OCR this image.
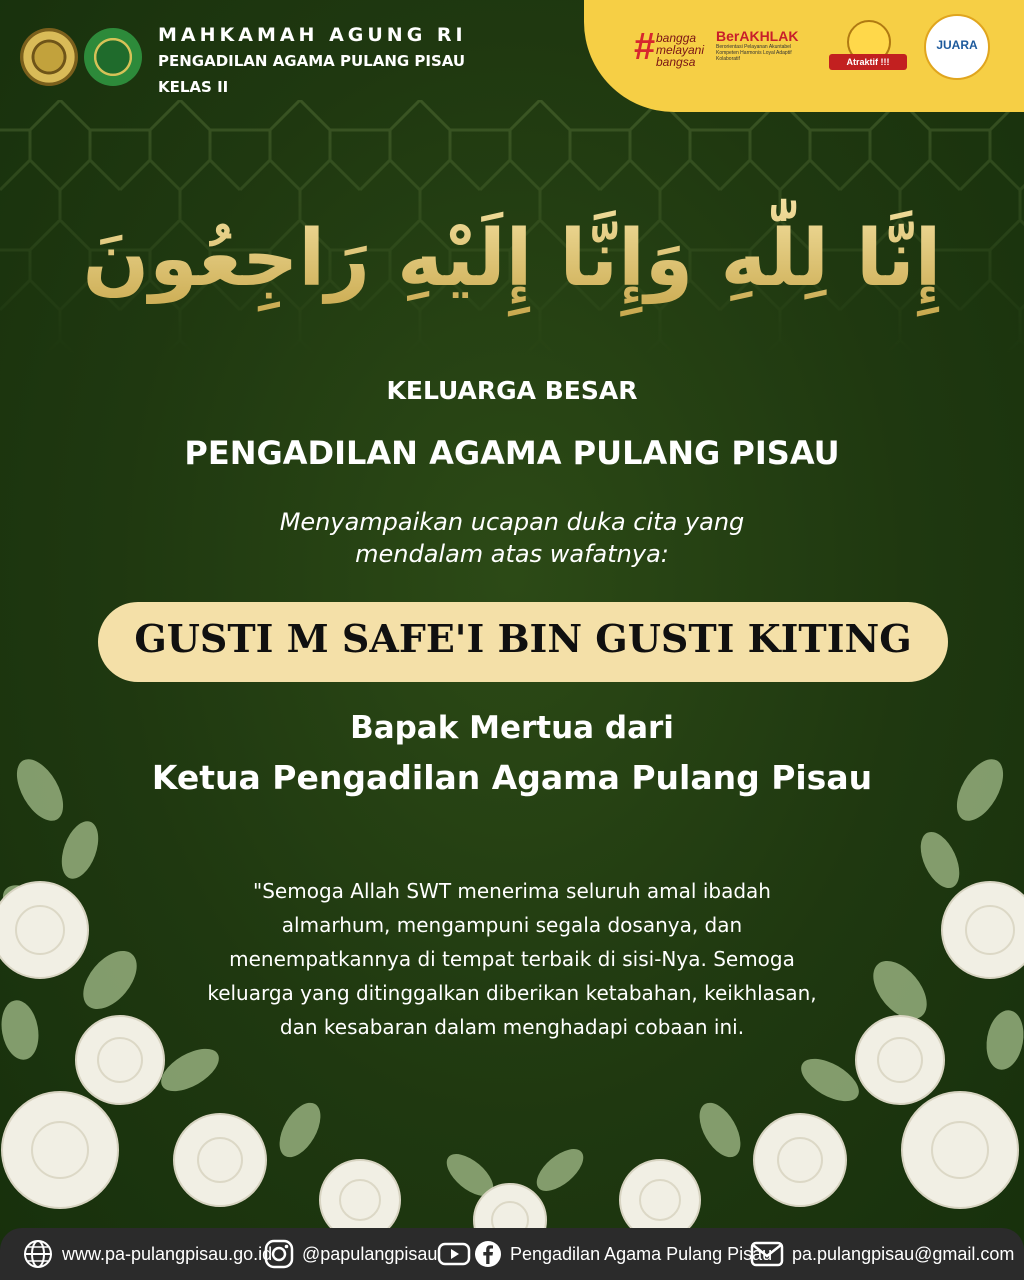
MAHKAMAH AGUNG RI
PENGADILAN AGAMA PULANG PISAU
KELAS II
# bangga melayani bangsa
BerAKHLAK
Berorientasi Pelayanan Akuntabel Kompeten Harmonis Loyal Adaptif Kolaboratif	Atraktif !!!
JUARA
إِنَّا لِلّٰهِ وَإِنَّا إِلَيْهِ رَاجِعُونَ
KELUARGA BESAR
PENGADILAN AGAMA PULANG PISAU
Menyampaikan ucapan duka cita yang
mendalam atas wafatnya:
GUSTI M SAFE'I BIN GUSTI KITING
Bapak Mertua dari
Ketua Pengadilan Agama Pulang Pisau
"Semoga Allah SWT menerima seluruh amal ibadah
almarhum, mengampuni segala dosanya, dan
menempatkannya di tempat terbaik di sisi-Nya. Semoga
keluarga yang ditinggalkan diberikan ketabahan, keikhlasan,
dan kesabaran dalam menghadapi cobaan ini.
www.pa-pulangpisau.go.id @papulangpisau	Pengadilan Agama Pulang Pisau pa.pulangpisau@gmail.com
